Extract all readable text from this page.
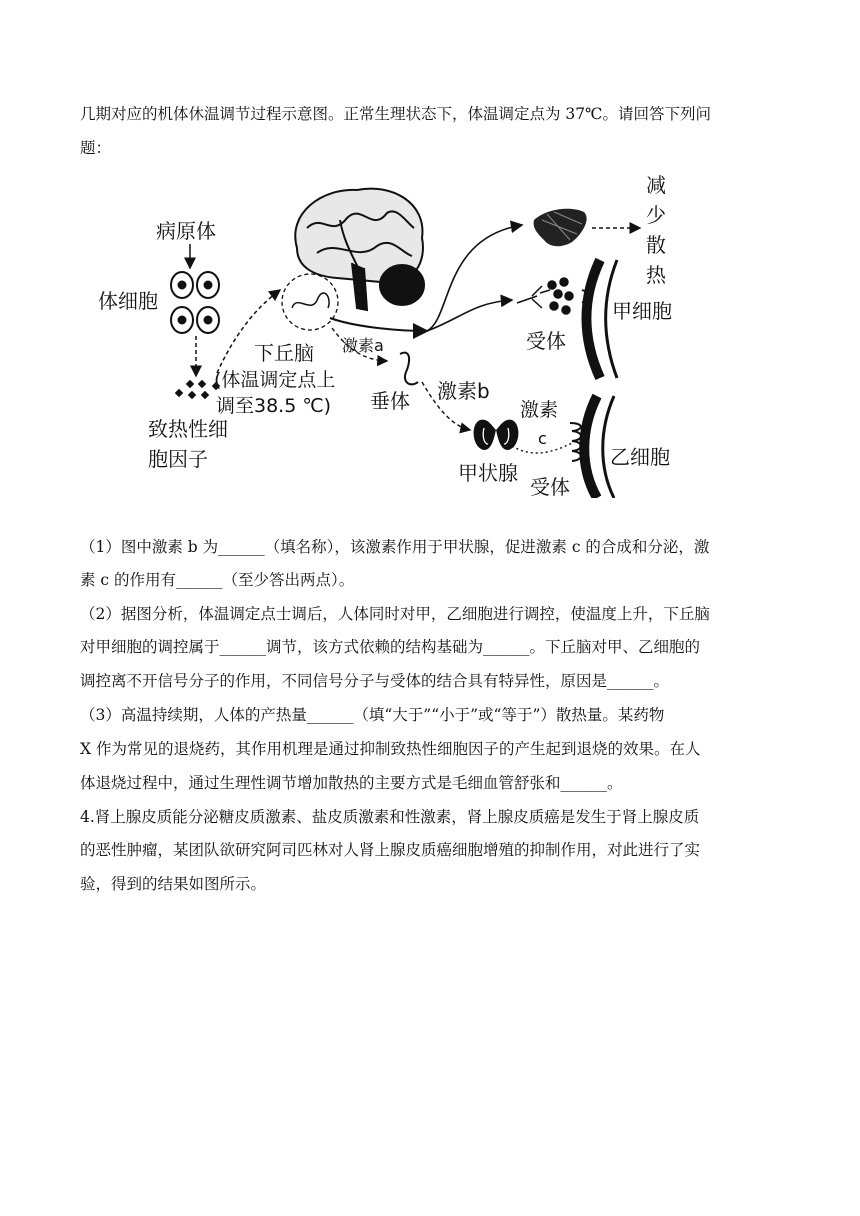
几期对应的机体休温调节过程示意图。正常生理状态下，体温调定点为 37℃。请回答下列问
题：
病原体
体细胞
致热性细
胞因子
下丘脑
(体温调定点上
调至38.5 ℃)
激素a
垂体 激素b
甲状腺
激素
c
减
少
散
热
受体
甲细胞
乙细胞
受体
（1）图中激素 b 为______（填名称），该激素作用于甲状腺，促进激素 c 的合成和分泌，激
素 c 的作用有______（至少答出两点）。
（2）据图分析，体温调定点士调后，人体同时对甲，乙细胞进行调控，使温度上升，下丘脑
对甲细胞的调控属于______调节，该方式依赖的结构基础为______。下丘脑对甲、乙细胞的
调控离不开信号分子的作用，不同信号分子与受体的结合具有特异性，原因是______。
（3）高温持续期，人体的产热量______（填“大于”“小于”或“等于”）散热量。某药物
X 作为常见的退烧药，其作用机理是通过抑制致热性细胞因子的产生起到退烧的效果。在人
体退烧过程中，通过生理性调节增加散热的主要方式是毛细血管舒张和______。
4.肾上腺皮质能分泌糖皮质激素、盐皮质激素和性激素，肾上腺皮质癌是发生于肾上腺皮质
的恶性肿瘤，某团队欲研究阿司匹林对人肾上腺皮质癌细胞增殖的抑制作用，对此进行了实
验，得到的结果如图所示。
